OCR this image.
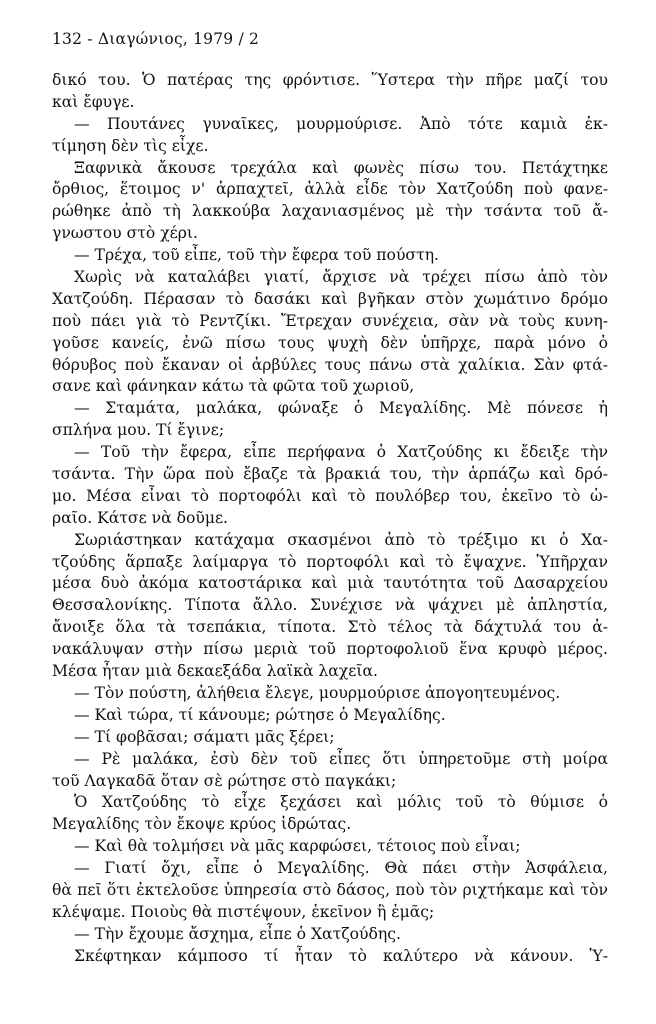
132 - Διαγώνιος, 1979 / 2
δικό του. Ὁ πατέρας της φρόντισε. Ὕστερα τὴν πῆρε μαζί του
καὶ ἔφυγε.
— Πουτάνες γυναῖκες, μουρμούρισε. Ἀπὸ τότε καμιὰ ἐκ-
τίμηση δὲν τὶς εἶχε.
Ξαφνικὰ ἄκουσε τρεχάλα καὶ φωνὲς πίσω του. Πετάχτηκε
ὄρθιος, ἕτοιμος ν' ἁρπαχτεῖ, ἀλλὰ εἶδε τὸν Χατζούδη ποὺ φανε-
ρώθηκε ἀπὸ τὴ λακκούβα λαχανιασμένος μὲ τὴν τσάντα τοῦ ἄ-
γνωστου στὸ χέρι.
— Τρέχα, τοῦ εἶπε, τοῦ τὴν ἔφερα τοῦ πούστη.
Χωρὶς νὰ καταλάβει γιατί, ἄρχισε νὰ τρέχει πίσω ἀπὸ τὸν
Χατζούδη. Πέρασαν τὸ δασάκι καὶ βγῆκαν στὸν χωμάτινο δρόμο
ποὺ πάει γιὰ τὸ Ρεντζίκι. Ἔτρεχαν συνέχεια, σὰν νὰ τοὺς κυνη-
γοῦσε κανείς, ἐνῶ πίσω τους ψυχὴ δὲν ὑπῆρχε, παρὰ μόνο ὁ
θόρυβος ποὺ ἔκαναν οἱ ἀρβύλες τους πάνω στὰ χαλίκια. Σὰν φτά-
σανε καὶ φάνηκαν κάτω τὰ φῶτα τοῦ χωριοῦ,
— Σταμάτα, μαλάκα, φώναξε ὁ Μεγαλίδης. Μὲ πόνεσε ἡ
σπλήνα μου. Τί ἔγινε;
— Τοῦ τὴν ἔφερα, εἶπε περήφανα ὁ Χατζούδης κι ἔδειξε τὴν
τσάντα. Τὴν ὥρα ποὺ ἔβαζε τὰ βρακιά του, τὴν ἁρπάζω καὶ δρό-
μο. Μέσα εἶναι τὸ πορτοφόλι καὶ τὸ πουλόβερ του, ἐκεῖνο τὸ ὡ-
ραῖο. Κάτσε νὰ δοῦμε.
Σωριάστηκαν κατάχαμα σκασμένοι ἀπὸ τὸ τρέξιμο κι ὁ Χα-
τζούδης ἅρπαξε λαίμαργα τὸ πορτοφόλι καὶ τὸ ἔψαχνε. Ὑπῆρχαν
μέσα δυὸ ἀκόμα κατοστάρικα καὶ μιὰ ταυτότητα τοῦ Δασαρχείου
Θεσσαλονίκης. Τίποτα ἄλλο. Συνέχισε νὰ ψάχνει μὲ ἀπληστία,
ἄνοιξε ὅλα τὰ τσεπάκια, τίποτα. Στὸ τέλος τὰ δάχτυλά του ἀ-
νακάλυψαν στὴν πίσω μεριὰ τοῦ πορτοφολιοῦ ἕνα κρυφὸ μέρος.
Μέσα ἦταν μιὰ δεκαεξάδα λαϊκὰ λαχεῖα.
— Τὸν πούστη, ἀλήθεια ἔλεγε, μουρμούρισε ἀπογοητευμένος.
— Καὶ τώρα, τί κάνουμε; ρώτησε ὁ Μεγαλίδης.
— Τί φοβᾶσαι; σάματι μᾶς ξέρει;
— Ρὲ μαλάκα, ἐσὺ δὲν τοῦ εἶπες ὅτι ὑπηρετοῦμε στὴ μοίρα
τοῦ Λαγκαδᾶ ὅταν σὲ ρώτησε στὸ παγκάκι;
Ὁ Χατζούδης τὸ εἶχε ξεχάσει καὶ μόλις τοῦ τὸ θύμισε ὁ
Μεγαλίδης τὸν ἔκοψε κρύος ἱδρώτας.
— Καὶ θὰ τολμήσει νὰ μᾶς καρφώσει, τέτοιος ποὺ εἶναι;
— Γιατί ὄχι, εἶπε ὁ Μεγαλίδης. Θὰ πάει στὴν Ἀσφάλεια,
θὰ πεῖ ὅτι ἐκτελοῦσε ὑπηρεσία στὸ δάσος, ποὺ τὸν ριχτήκαμε καὶ τὸν
κλέψαμε. Ποιοὺς θὰ πιστέψουν, ἐκεῖνον ἢ ἐμᾶς;
— Τὴν ἔχουμε ἄσχημα, εἶπε ὁ Χατζούδης.
Σκέφτηκαν κάμποσο τί ἦταν τὸ καλύτερο νὰ κάνουν. Ὑ-
